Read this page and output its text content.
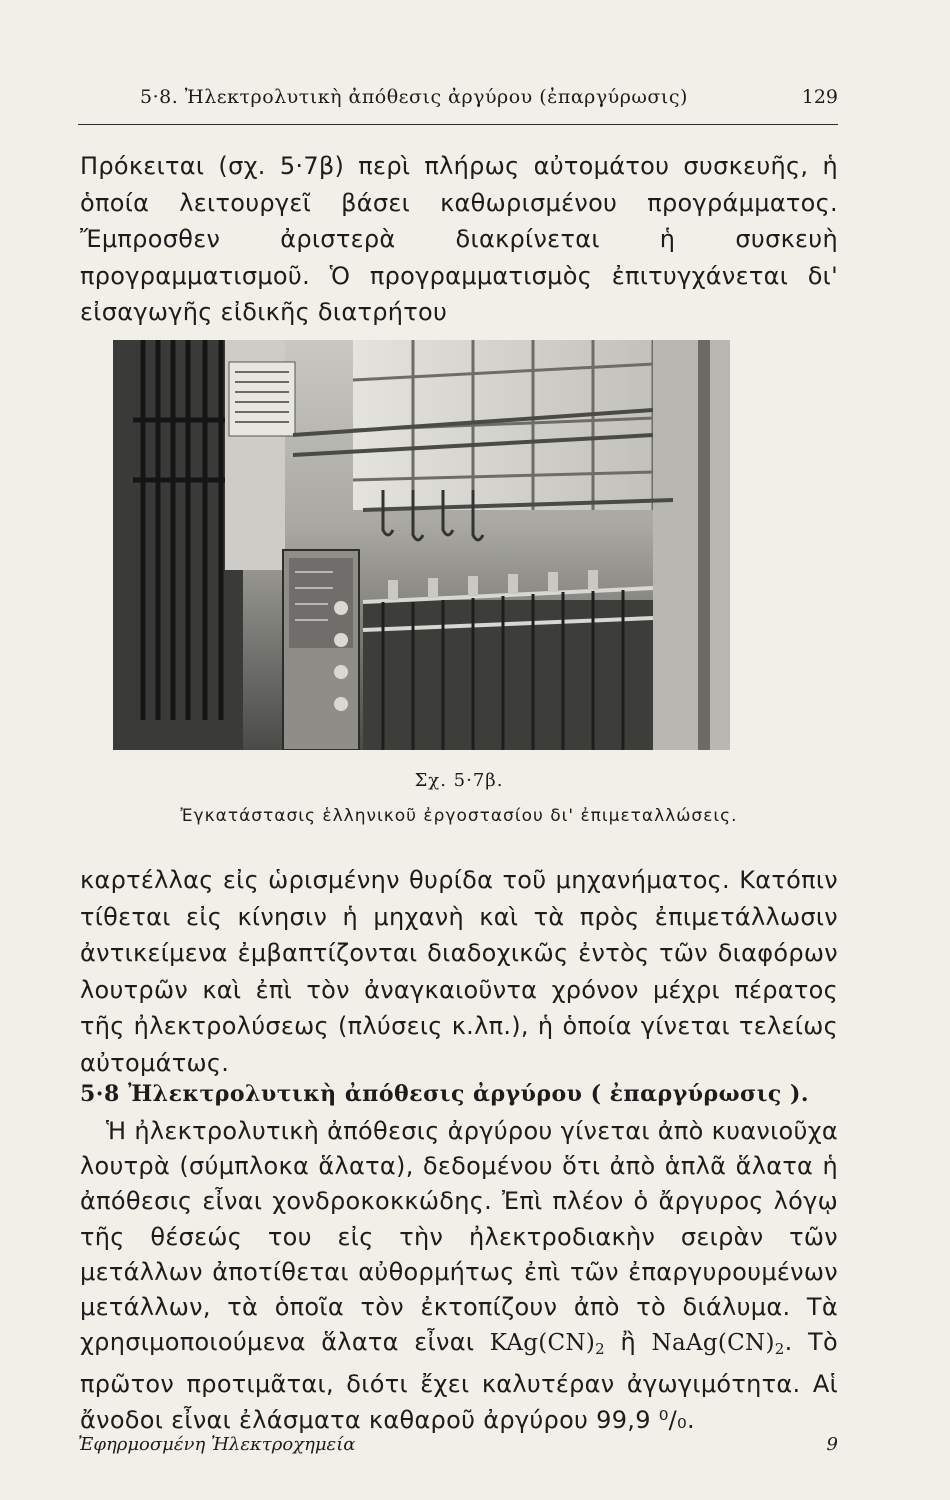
5·8. Ἠλεκτρολυτικὴ ἀπόθεσις ἀργύρου (ἐπαργύρωσις)	129
Πρόκειται (σχ. 5·7β) περὶ πλήρως αὐτομάτου συσκευῆς, ἡ ὁποία λειτουργεῖ βάσει καθωρισμένου προγράμματος. Ἔμπροσθεν ἀριστερὰ διακρίνεται ἡ συσκευὴ προγραμματισμοῦ. Ὁ προγραμματισμὸς ἐπιτυγχάνεται δι' εἰσαγωγῆς εἰδικῆς διατρήτου
Σχ. 5·7β.
Ἐγκατάστασις ἑλληνικοῦ ἐργοστασίου δι' ἐπιμεταλλώσεις.
καρτέλλας εἰς ὡρισμένην θυρίδα τοῦ μηχανήματος. Κατόπιν τίθεται εἰς κίνησιν ἡ μηχανὴ καὶ τὰ πρὸς ἐπιμετάλλωσιν ἀντικείμενα ἐμβαπτίζονται διαδοχικῶς ἐντὸς τῶν διαφόρων λουτρῶν καὶ ἐπὶ τὸν ἀναγκαιοῦντα χρόνον μέχρι πέρατος τῆς ἠλεκτρολύσεως (πλύσεις κ.λπ.), ἡ ὁποία γίνεται τελείως αὐτομάτως.
5·8 Ἠλεκτρολυτικὴ ἀπόθεσις ἀργύρου ( ἐπαργύρωσις ).
Ἡ ἠλεκτρολυτικὴ ἀπόθεσις ἀργύρου γίνεται ἀπὸ κυανιοῦχα λουτρὰ (σύμπλοκα ἅλατα), δεδομένου ὅτι ἀπὸ ἁπλᾶ ἅλατα ἡ ἀπόθεσις εἶναι χονδροκοκκώδης. Ἐπὶ πλέον ὁ ἄργυρος λόγῳ τῆς θέσεώς του εἰς τὴν ἠλεκτροδιακὴν σειρὰν τῶν μετάλλων ἀποτίθεται αὐθορμήτως ἐπὶ τῶν ἐπαργυρουμένων μετάλλων, τὰ ὁποῖα τὸν ἐκτοπίζουν ἀπὸ τὸ διάλυμα. Τὰ χρησιμοποιούμενα ἅλατα εἶναι $KAg(CN)_2$ ἢ $NaAg(CN)_2$. Τὸ πρῶτον προτιμᾶται, διότι ἔχει καλυτέραν ἀγωγιμότητα. Αἱ ἄνοδοι εἶναι ἐλάσματα καθαροῦ ἀργύρου 99,9 ⁰/₀.
Ἐφηρμοσμένη Ἠλεκτροχημεία	9
